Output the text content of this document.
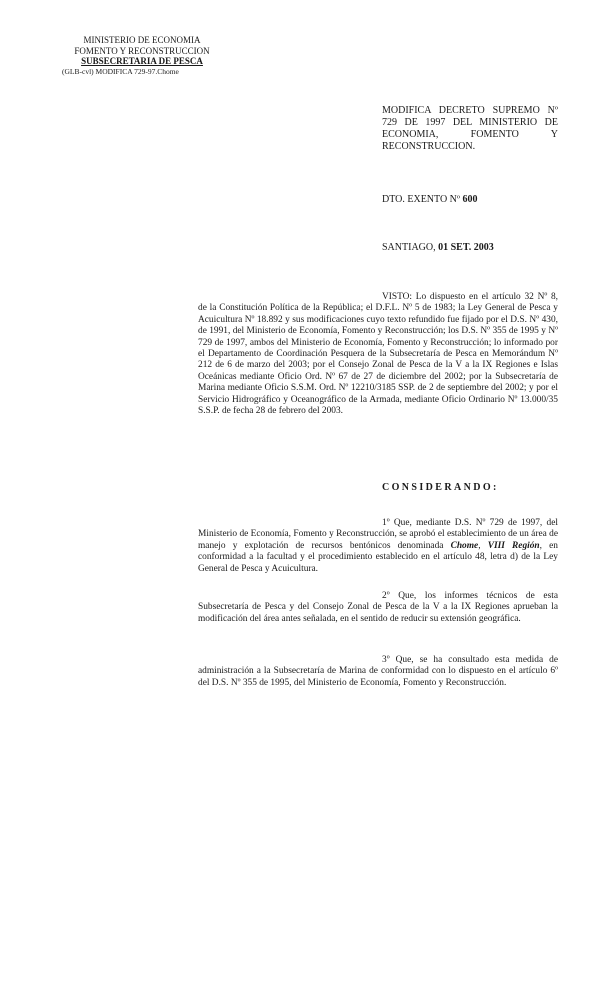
MINISTERIO DE ECONOMIA
FOMENTO Y RECONSTRUCCION
SUBSECRETARIA DE PESCA
(GLB-cvl) MODIFICA 729-97.Chome
MODIFICA DECRETO SUPREMO Nº 729 DE 1997 DEL MINISTERIO DE ECONOMIA, FOMENTO Y RECONSTRUCCION.
DTO. EXENTO Nº 600
SANTIAGO, 01 SET. 2003
VISTO: Lo dispuesto en el artículo 32 Nº 8, de la Constitución Política de la República; el D.F.L. Nº 5 de 1983; la Ley General de Pesca y Acuicultura Nº 18.892 y sus modificaciones cuyo texto refundido fue fijado por el D.S. Nº 430, de 1991, del Ministerio de Economía, Fomento y Reconstrucción; los D.S. Nº 355 de 1995 y Nº 729 de 1997, ambos del Ministerio de Economía, Fomento y Reconstrucción; lo informado por el Departamento de Coordinación Pesquera de la Subsecretaría de Pesca en Memorándum Nº 212 de 6 de marzo del 2003; por el Consejo Zonal de Pesca de la V a la IX Regiones e Islas Oceánicas mediante Oficio Ord. Nº 67 de 27 de diciembre del 2002; por la Subsecretaría de Marina mediante Oficio S.S.M. Ord. Nº 12210/3185 SSP. de 2 de septiembre del 2002; y por el Servicio Hidrográfico y Oceanográfico de la Armada, mediante Oficio Ordinario Nº 13.000/35 S.S.P. de fecha 28 de febrero del 2003.
CONSIDERANDO:
1º Que, mediante D.S. Nº 729 de 1997, del Ministerio de Economía, Fomento y Reconstrucción, se aprobó el establecimiento de un área de manejo y explotación de recursos bentónicos denominada Chome, VIII Región, en conformidad a la facultad y el procedimiento establecido en el artículo 48, letra d) de la Ley General de Pesca y Acuicultura.
2º Que, los informes técnicos de esta Subsecretaría de Pesca y del Consejo Zonal de Pesca de la V a la IX Regiones aprueban la modificación del área antes señalada, en el sentido de reducir su extensión geográfica.
3º Que, se ha consultado esta medida de administración a la Subsecretaría de Marina de conformidad con lo dispuesto en el artículo 6º del D.S. Nº 355 de 1995, del Ministerio de Economía, Fomento y Reconstrucción.
